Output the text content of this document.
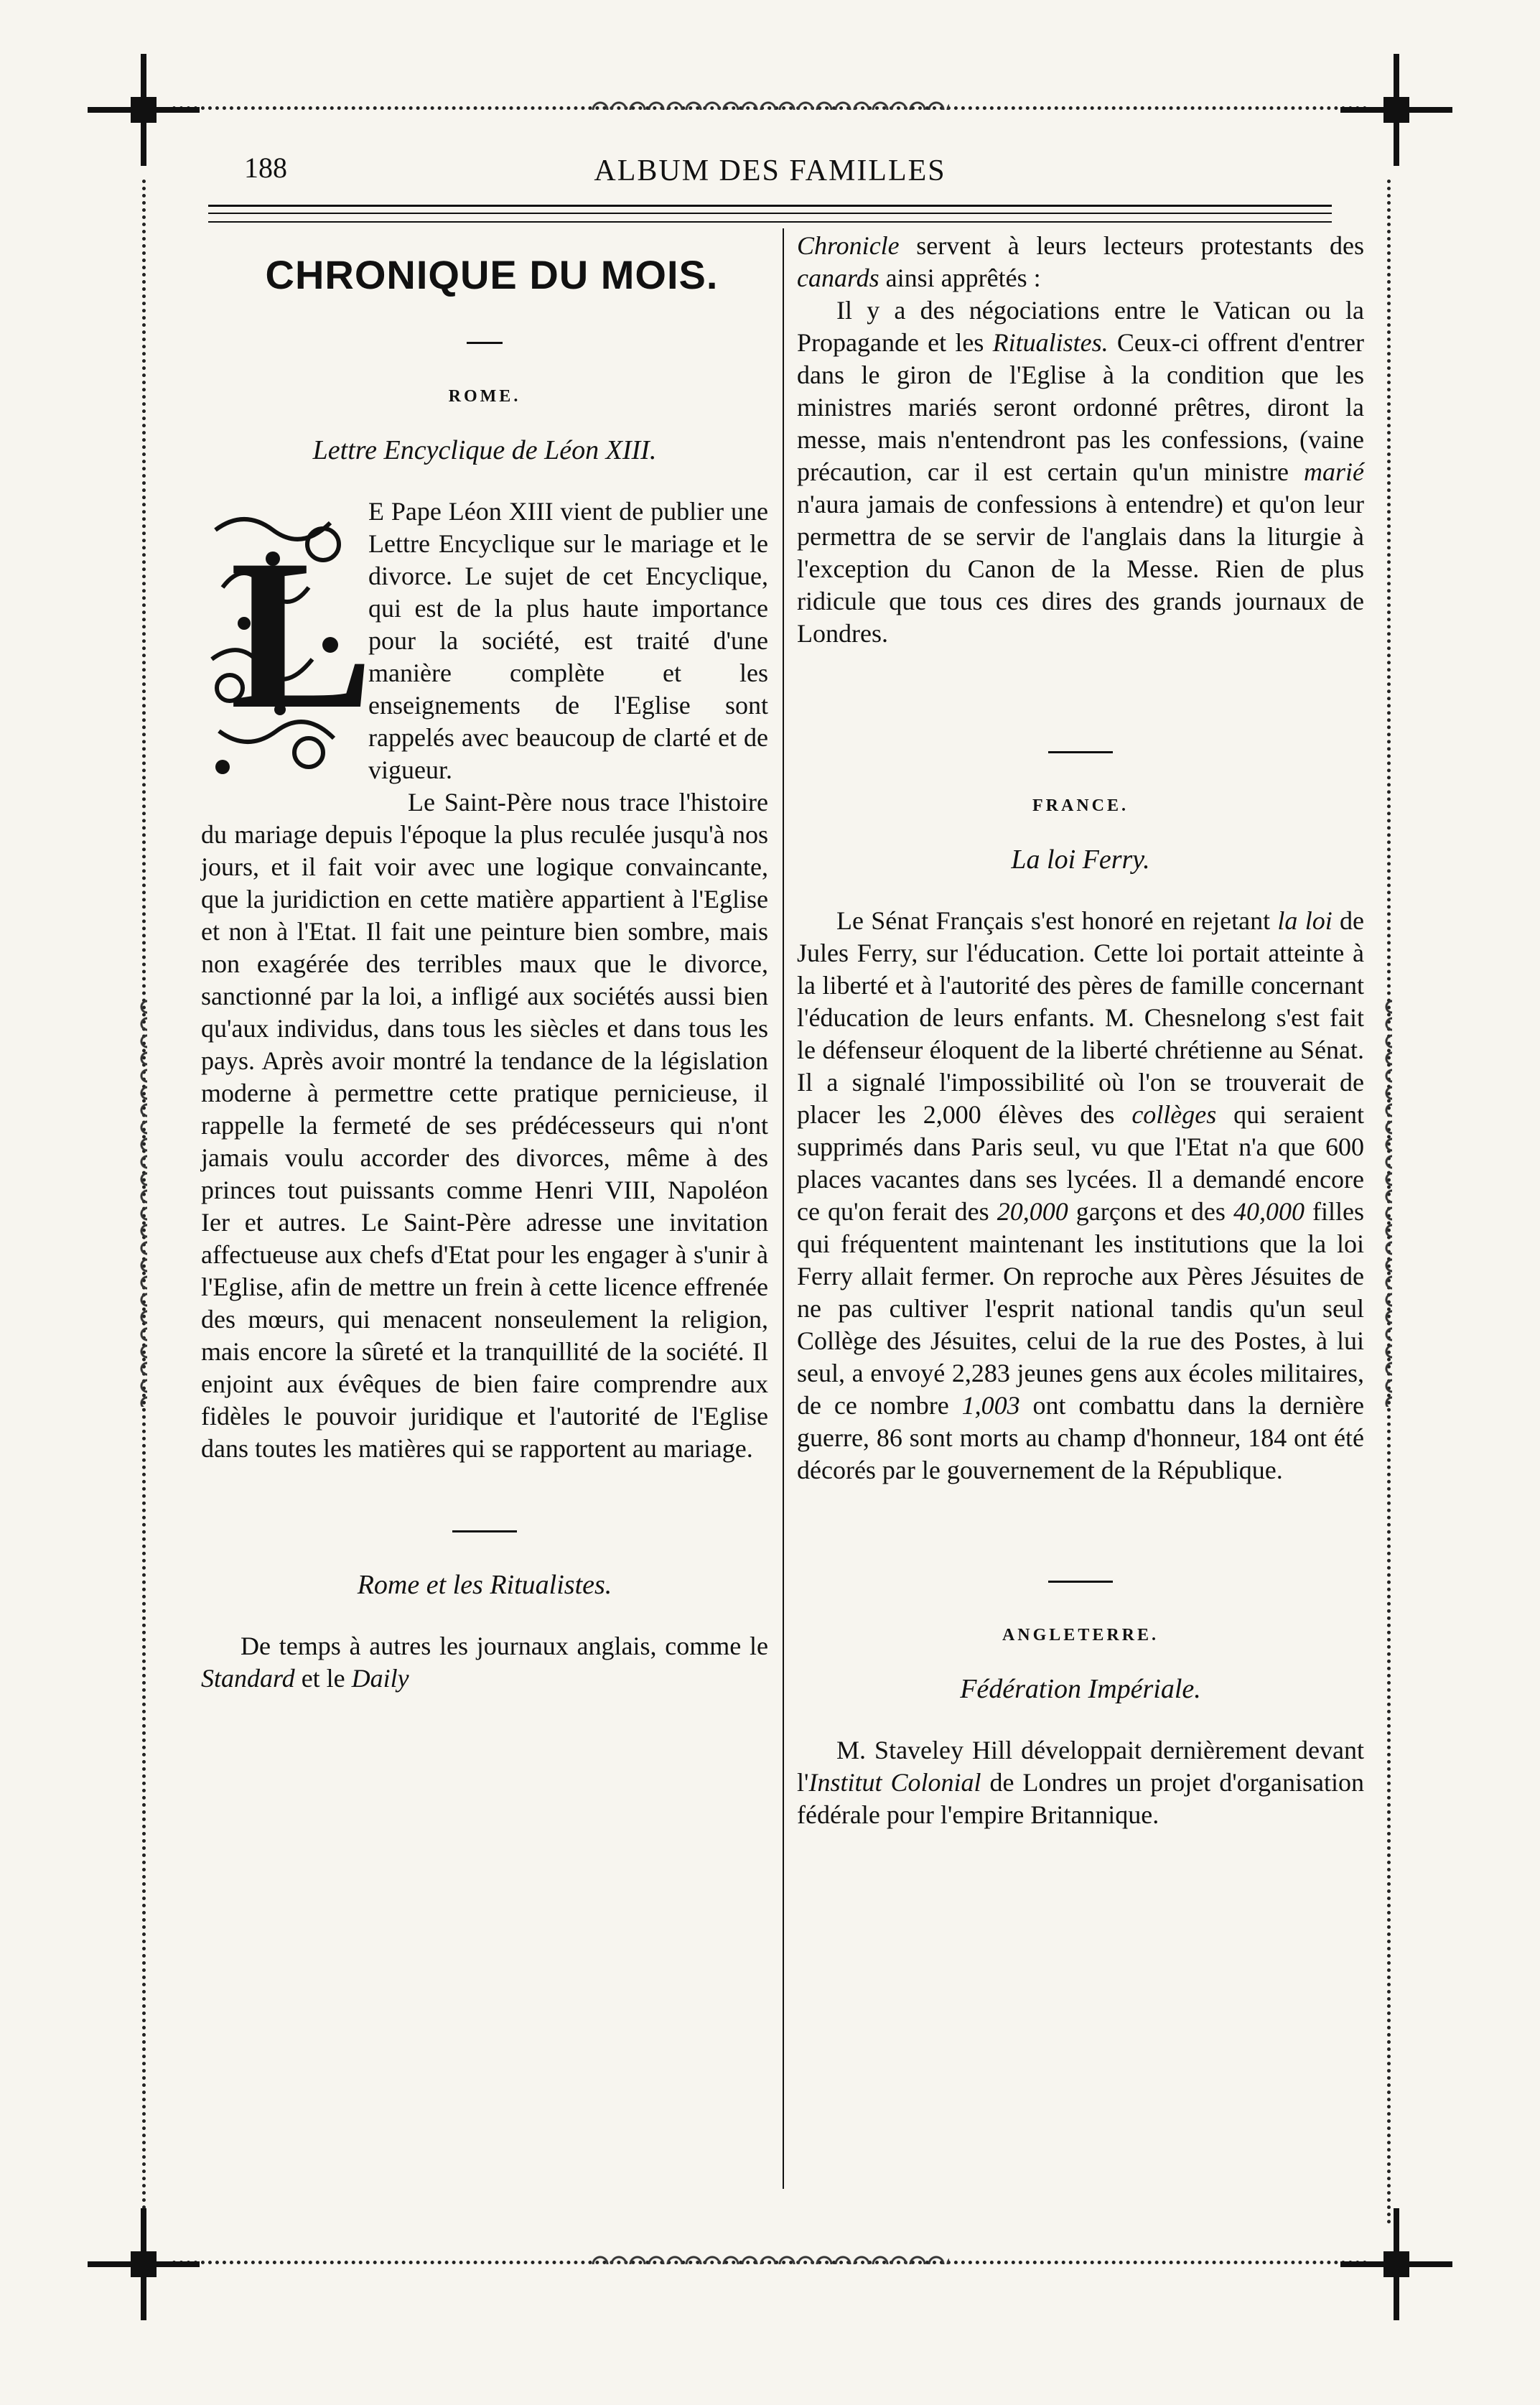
188	ALBUM DES FAMILLES
CHRONIQUE DU MOIS.
ROME.
Lettre Encyclique de Léon XIII.
L

E Pape Léon XIII vient de publier une Lettre Encyclique sur le mariage et le divorce. Le sujet de cet Encyclique, qui est de la plus haute importance pour la société, est traité d'une manière complète et les enseignements de l'Eglise sont rappelés avec beaucoup de clarté et de vigueur.

Le Saint-Père nous trace l'histoire du mariage depuis l'époque la plus reculée jusqu'à nos jours, et il fait voir avec une logique convaincante, que la juridiction en cette matière appartient à l'Eglise et non à l'Etat. Il fait une peinture bien sombre, mais non exagérée des terribles maux que le divorce, sanctionné par la loi, a infligé aux sociétés aussi bien qu'aux individus, dans tous les siècles et dans tous les pays. Après avoir montré la tendance de la législation moderne à permettre cette pratique pernicieuse, il rappelle la fermeté de ses prédécesseurs qui n'ont jamais voulu accorder des divorces, même à des princes tout puissants comme Henri VIII, Napoléon Ier et autres. Le Saint-Père adresse une invitation affectueuse aux chefs d'Etat pour les engager à s'unir à l'Eglise, afin de mettre un frein à cette licence effrenée des mœurs, qui menacent nonseulement la religion, mais encore la sûreté et la tranquillité de la société. Il enjoint aux évêques de bien faire comprendre aux fidèles le pouvoir juridique et l'autorité de l'Eglise dans toutes les matières qui se rapportent au mariage.

Rome et les Ritualistes.

De temps à autres les journaux anglais, comme le Standard et le Daily

Chronicle servent à leurs lecteurs protestants des canards ainsi apprêtés :

Il y a des négociations entre le Vatican ou la Propagande et les Ritualistes. Ceux-ci offrent d'entrer dans le giron de l'Eglise à la condition que les ministres mariés seront ordonné prêtres, diront la messe, mais n'entendront pas les confessions, (vaine précaution, car il est certain qu'un ministre marié n'aura jamais de confessions à entendre) et qu'on leur permettra de se servir de l'anglais dans la liturgie à l'exception du Canon de la Messe. Rien de plus ridicule que tous ces dires des grands journaux de Londres.

FRANCE.
La loi Ferry.

Le Sénat Français s'est honoré en rejetant la loi de Jules Ferry, sur l'éducation. Cette loi portait atteinte à la liberté et à l'autorité des pères de famille concernant l'éducation de leurs enfants. M. Chesnelong s'est fait le défenseur éloquent de la liberté chrétienne au Sénat. Il a signalé l'impossibilité où l'on se trouverait de placer les 2,000 élèves des collèges qui seraient supprimés dans Paris seul, vu que l'Etat n'a que 600 places vacantes dans ses lycées. Il a demandé encore ce qu'on ferait des 20,000 garçons et des 40,000 filles qui fréquentent maintenant les institutions que la loi Ferry allait fermer. On reproche aux Pères Jésuites de ne pas cultiver l'esprit national tandis qu'un seul Collège des Jésuites, celui de la rue des Postes, à lui seul, a envoyé 2,283 jeunes gens aux écoles militaires, de ce nombre 1,003 ont combattu dans la dernière guerre, 86 sont morts au champ d'honneur, 184 ont été décorés par le gouvernement de la République.

ANGLETERRE.
Fédération Impériale.

M. Staveley Hill développait dernièrement devant l'Institut Colonial de Londres un projet d'organisation fédérale pour l'empire Britannique.
